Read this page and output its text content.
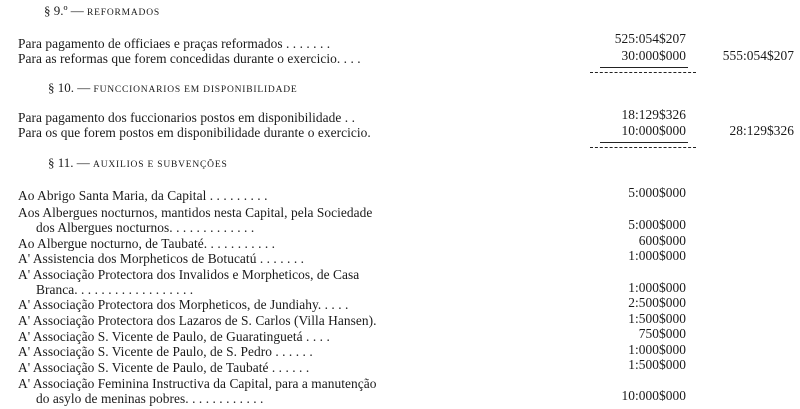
§ 9.º — REFORMADOS
Para pagamento de officiaes e praças reformados . . . . . . .	525:054$207
Para as reformas que forem concedidas durante o exercicio. . . .	30:000$000	555:054$207
§ 10. — FUNCCIONARIOS EM DISPONIBILIDADE
Para pagamento dos fuccionarios postos em disponibilidade . .	18:129$326
Para os que forem postos em disponibilidade durante o exercicio.	10:000$000	28:129$326
§ 11. — AUXILIOS E SUBVENÇÕES
Ao Abrigo Santa Maria, da Capital . . . . . . . . .	5:000$000
Aos Albergues nocturnos, mantidos nesta Capital, pela Sociedade
dos Albergues nocturnos. . . . . . . . . . . . .	5:000$000
Ao Albergue nocturno, de Taubaté. . . . . . . . . . .	600$000
A' Assistencia dos Morpheticos de Botucatú . . . . . . .	1:000$000
A' Associação Protectora dos Invalidos e Morpheticos, de Casa
Branca. . . . . . . . . . . . . . . . . .	1:000$000
A' Associação Protectora dos Morpheticos, de Jundiahy. . . . .	2:500$000
A' Associação Protectora dos Lazaros de S. Carlos (Villa Hansen).	1:500$000
A' Associação S. Vicente de Paulo, de Guaratinguetá . . . .	750$000
A' Associação S. Vicente de Paulo, de S. Pedro . . . . . .	1:000$000
A' Associação S. Vicente de Paulo, de Taubaté . . . . . .	1:500$000
A' Associação Feminina Instructiva da Capital, para a manutenção
do asylo de meninas pobres. . . . . . . . . . . .	10:000$000
